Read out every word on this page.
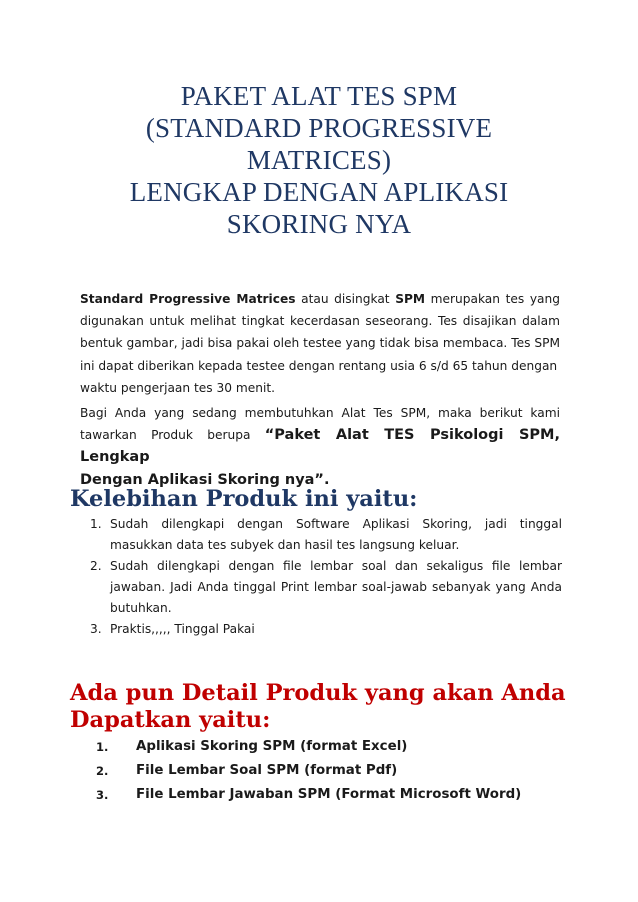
PAKET ALAT TES SPM
(STANDARD PROGRESSIVE
MATRICES)
LENGKAP DENGAN APLIKASI
SKORING NYA
Standard Progressive Matrices atau disingkat SPM merupakan tes yang digunakan untuk melihat tingkat kecerdasan seseorang. Tes disajikan dalam bentuk gambar, jadi bisa pakai oleh testee yang tidak bisa membaca. Tes SPM ini dapat diberikan kepada testee dengan rentang usia 6 s/d 65 tahun dengan
waktu pengerjaan tes 30 menit.
Bagi Anda yang sedang membutuhkan Alat Tes SPM, maka berikut kami tawarkan Produk berupa “Paket Alat TES Psikologi SPM, Lengkap
Dengan Aplikasi Skoring nya”.
Kelebihan Produk ini yaitu:
1. Sudah dilengkapi dengan Software Aplikasi Skoring, jadi tinggal masukkan data tes subyek dan hasil tes langsung keluar.
2. Sudah dilengkapi dengan file lembar soal dan sekaligus file lembar jawaban. Jadi Anda tinggal Print lembar soal-jawab sebanyak yang Anda butuhkan.
3. Praktis,,,,, Tinggal Pakai
Ada pun Detail Produk yang akan Anda
Dapatkan yaitu:
1.	Aplikasi Skoring SPM (format Excel)
2.	File Lembar Soal SPM (format Pdf)
3.	File Lembar Jawaban SPM (Format Microsoft Word)
